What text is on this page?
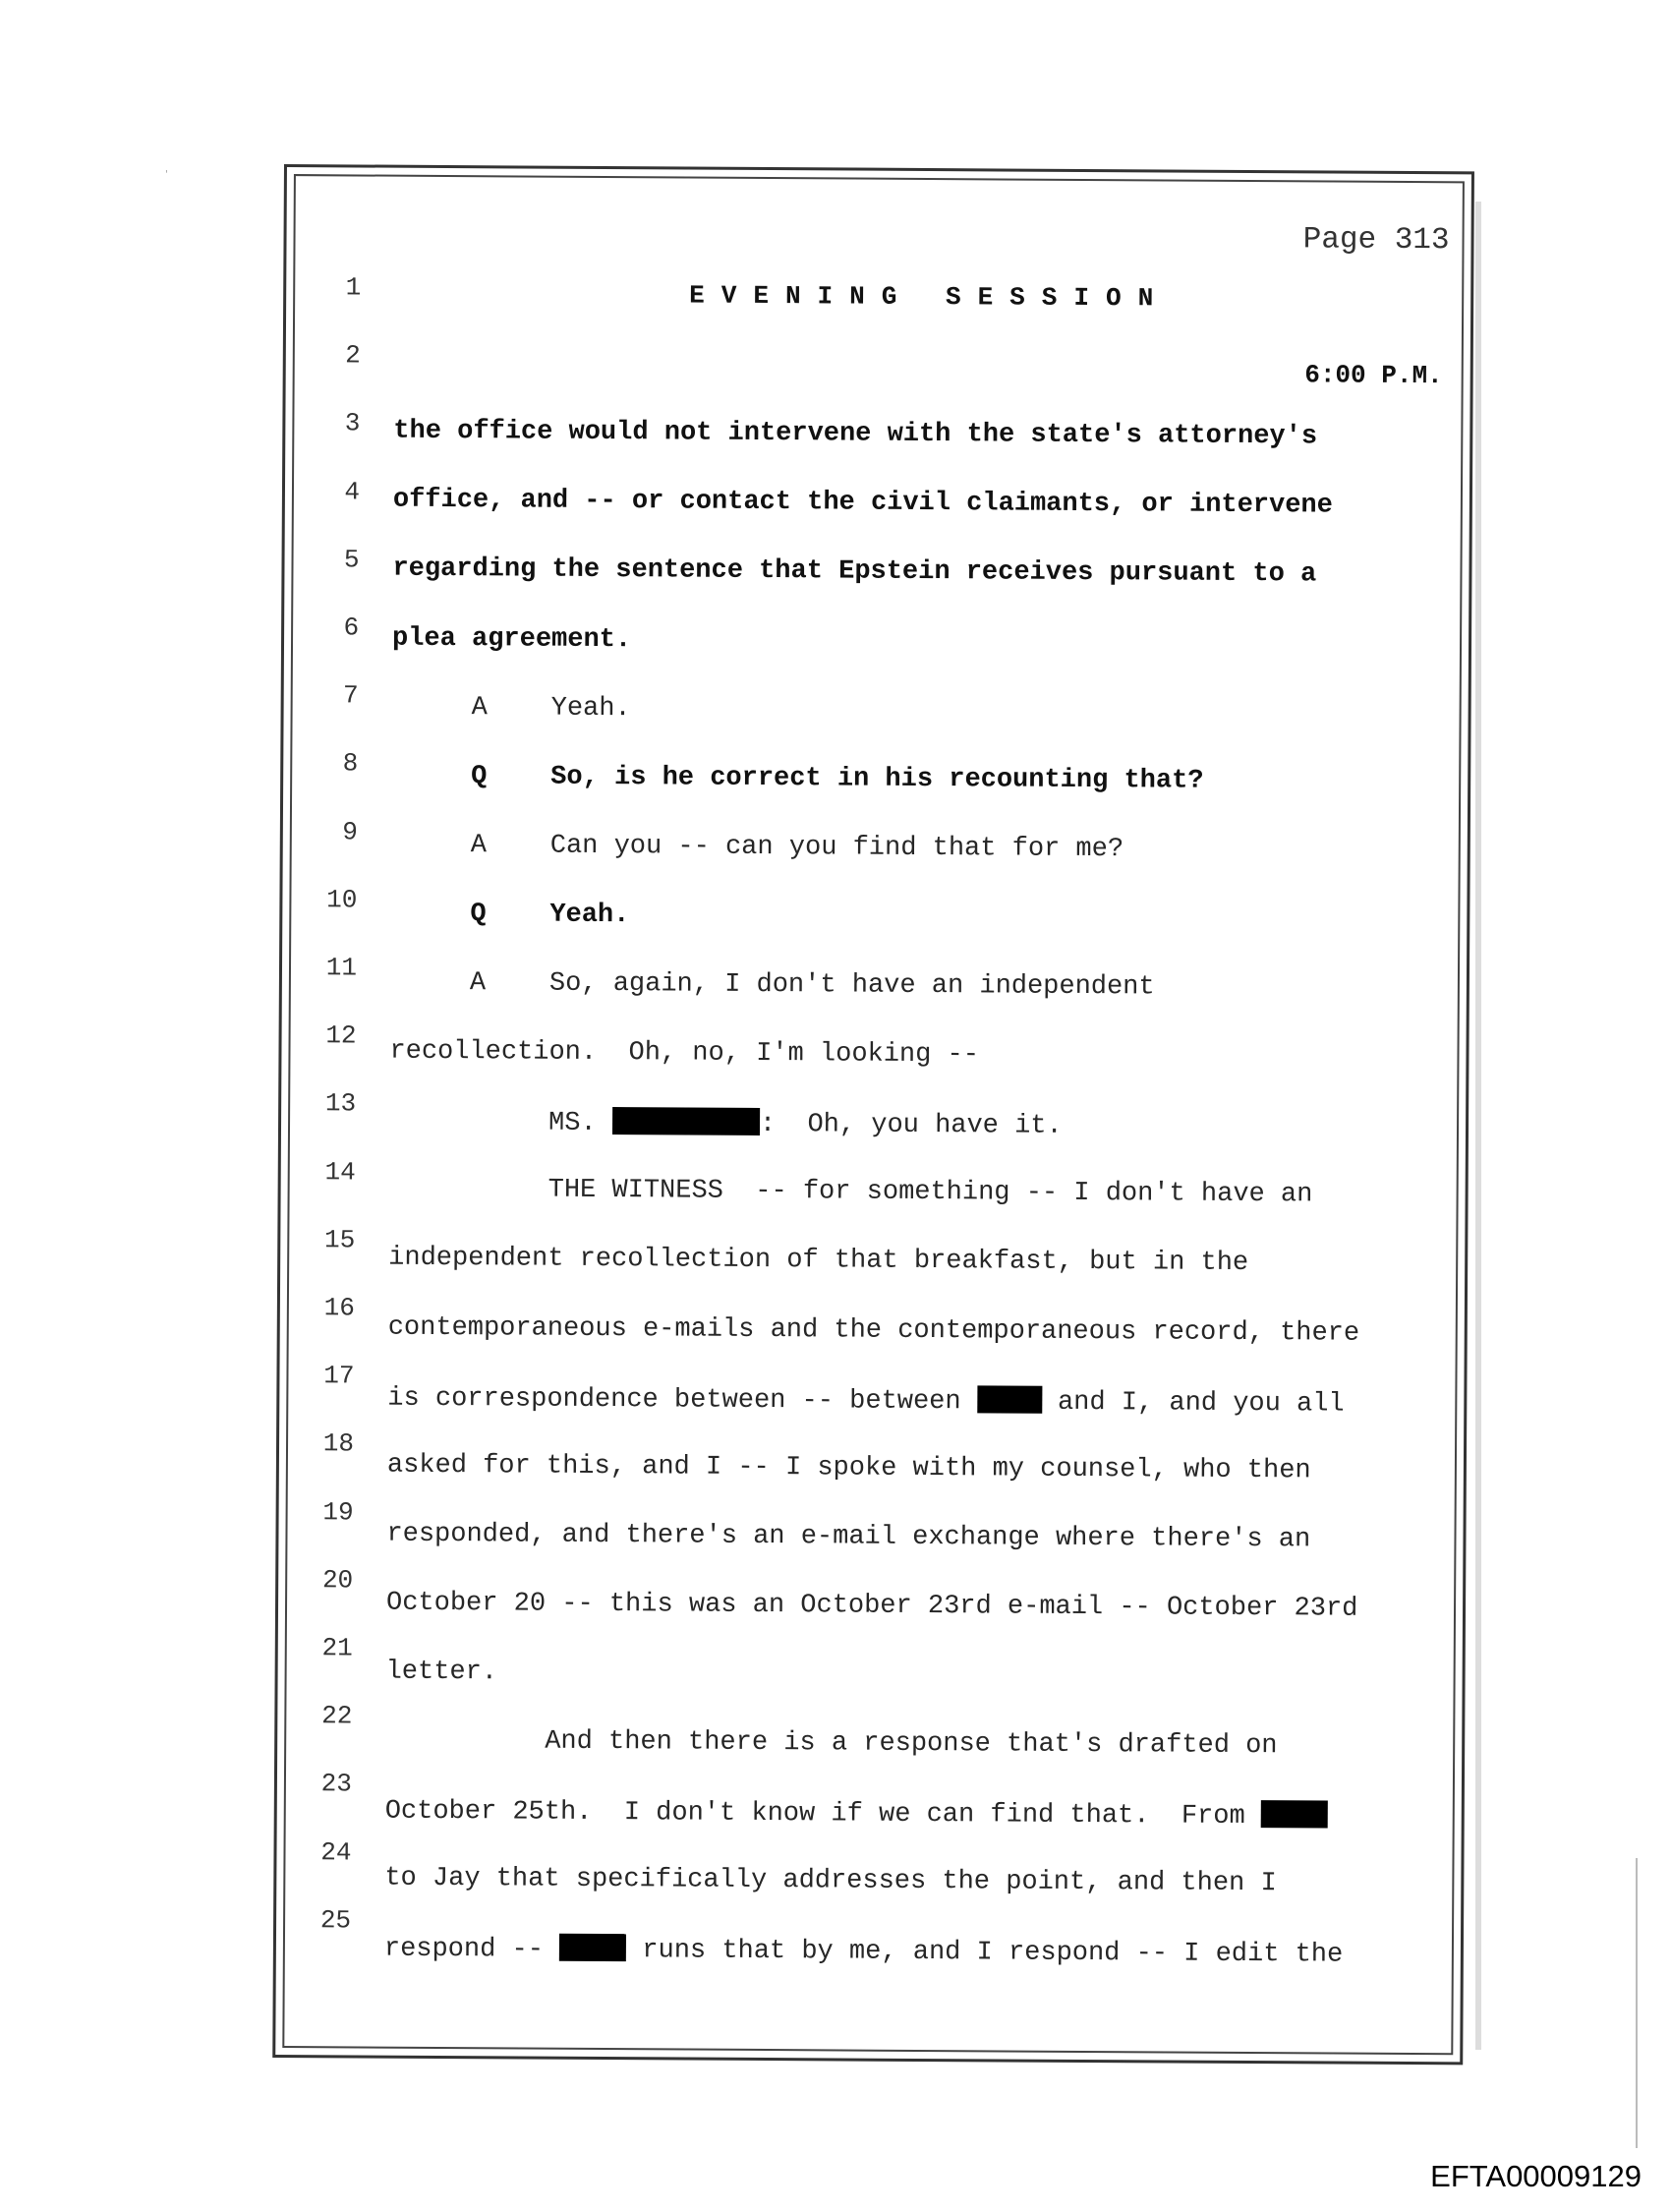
'
Page 313
1	EVENING SESSION
2
6:00 P.M.
3 the office would not intervene with the state's attorney's
4 office, and -- or contact the civil claimants, or intervene
5 regarding the sentence that Epstein receives pursuant to a
6 plea agreement.
7 A    Yeah.
8 Q    So, is he correct in his recounting that?
9 A    Can you -- can you find that for me?
10 Q    Yeah.
11
A    So, again, I don't have an independent
12
recollection.  Oh, no, I'm looking --
13
MS.	:  Oh, you have it.
14
THE WITNESS  -- for something -- I don't have an
15
independent recollection of that breakfast, but in the
16
contemporaneous e-mails and the contemporaneous record, there
17
is correspondence between -- between  and I, and you all
18
asked for this, and I -- I spoke with my counsel, who then
19
responded, and there's an e-mail exchange where there's an
20
October 20 -- this was an October 23rd e-mail -- October 23rd
21
letter.
22
And then there is a response that's drafted on
23
October 25th.  I don't know if we can find that.  From
24
to Jay that specifically addresses the point, and then I
25
respond --	runs that by me, and I respond -- I edit the
EFTA00009129
